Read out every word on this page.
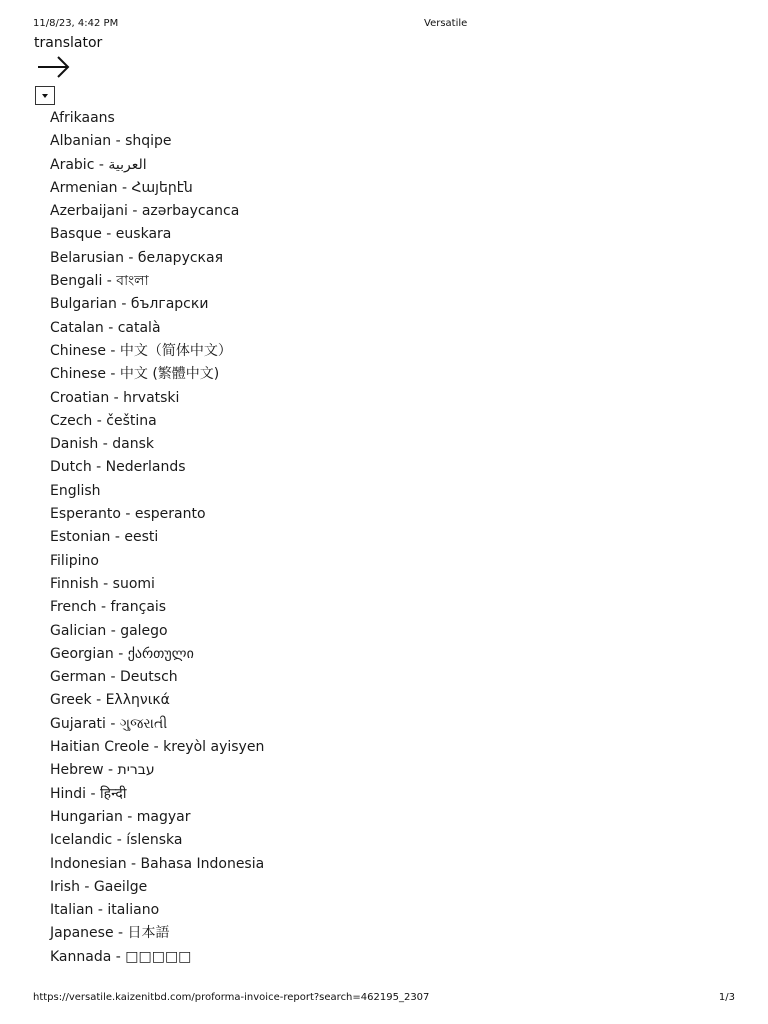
11/8/23, 4:42 PM	Versatile
translator
Afrikaans
Albanian - shqipe
Arabic - العربية
Armenian - Հայերէն
Azerbaijani - azərbaycanca
Basque - euskara
Belarusian - беларуская
Bengali - বাংলা
Bulgarian - български
Catalan - català
Chinese - 中文（简体中文）
Chinese - 中文 (繁體中文)
Croatian - hrvatski
Czech - čeština
Danish - dansk
Dutch - Nederlands
English
Esperanto - esperanto
Estonian - eesti
Filipino
Finnish - suomi
French - français
Galician - galego
Georgian - ქართული
German - Deutsch
Greek - Ελληνικά
Gujarati - ગુજરાતી
Haitian Creole - kreyòl ayisyen
Hebrew - עברית
Hindi - हिन्दी
Hungarian - magyar
Icelandic - íslenska
Indonesian - Bahasa Indonesia
Irish - Gaeilge
Italian - italiano
Japanese - 日本語
Kannada - □□□□□
https://versatile.kaizenitbd.com/proforma-invoice-report?search=462195_2307	1/3
